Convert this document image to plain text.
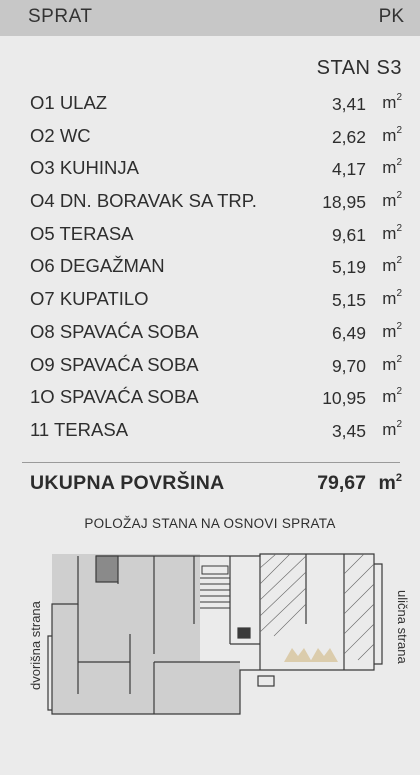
SPRAT	PK
STAN S3
O1 ULAZ	3,41 $m^2$
O2 WC	2,62 $m^2$
O3 KUHINJA	4,17 $m^2$
O4 DN. BORAVAK SA TRP.	18,95 $m^2$
O5 TERASA	9,61 $m^2$
O6 DEGAŽMAN	5,19 $m^2$
O7 KUPATILO	5,15 $m^2$
O8 SPAVAĆA SOBA	6,49 $m^2$
O9 SPAVAĆA SOBA	9,70 $m^2$
1O SPAVAĆA SOBA	10,95 $m^2$
11 TERASA	3,45 $m^2$
UKUPNA POVRŠINA	79,67 $m^2$
POLOŽAJ STANA NA OSNOVI SPRATA
dvorišna strana	ulična strana
